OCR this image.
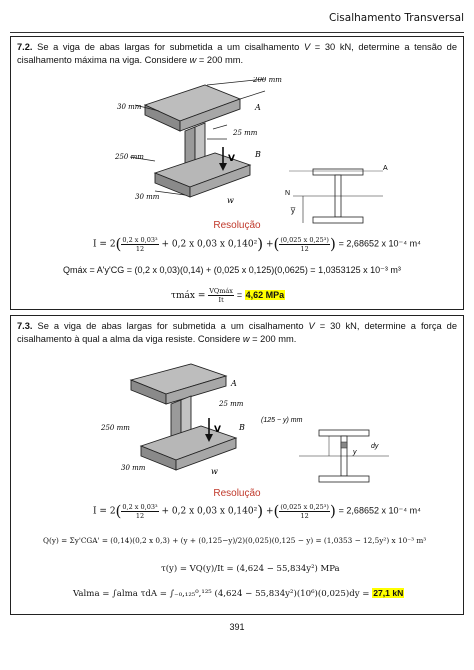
Cisalhamento Transversal
7.2. Se a viga de abas largas for submetida a um cisalhamento V = 30 kN, determine a tensão de cisalhamento máxima na viga. Considere w = 200 mm.
200 mm
30 mm	A
25 mm
250 mm	V	B
30 mm	w
N
A
y̅
Resolução
$I = 2( \frac{\text{0,2 x 0,03³}}{12} + 0,2$ x 0,03 x 0,140²) +( $\frac{\text{(0,025 x 0,25³)}}{12}$ ) = 2,68652 x 10⁻⁴ m⁴
Qmáx = A'y'CG = (0,2 x 0,03)(0,14) + (0,025 x 0,125)(0,0625) = 1,0353125 x 10⁻³ m³
τmáx = $\frac{\text{VQmáx}}{It} = 4,62$ MPa
7.3. Se a viga de abas largas for submetida a um cisalhamento V = 30 kN, determine a força de cisalhamento à qual a alma da viga resiste. Considere w = 200 mm.
A
25 mm
250 mm	V B
30 mm	w
(125 − y) mm
dy
y
Resolução
$I = 2( \frac{\text{0,2 x 0,03³}}{12} + 0,2$ x 0,03 x 0,140²) +( $\frac{\text{(0,025 x 0,25³)}}{12}$ ) = 2,68652 x 10⁻⁴ m⁴
Q(y) = Σy'CGA' = (0,14)(0,2 x 0,3) + (y + (0,125−y)/2)(0,025)(0,125 − y) = (1,0353 − 12,5y²) x 10⁻³ m³
τ(y) = VQ(y)/It = (4,624 − 55,834y²) MPa
Valma = ∫alma τdA = ∫₋₀,₁₂₅⁰,¹²⁵ (4,624 − 55,834y²)(10⁶)(0,025)dy = 27,1 kN
391
